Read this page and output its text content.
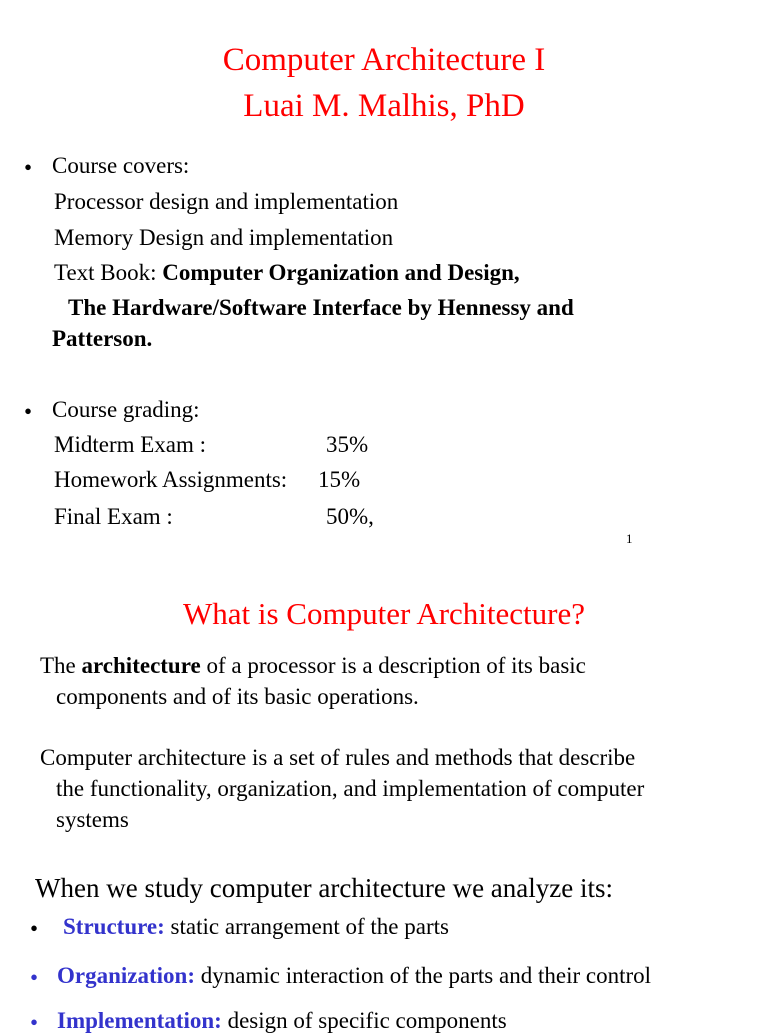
Computer Architecture I
Luai M. Malhis, PhD
• Course covers:
Processor design and implementation
Memory Design and implementation
Text Book: Computer Organization and Design,
The Hardware/Software Interface by Hennessy and
Patterson.
• Course grading:
Midterm Exam :	35%
Homework Assignments: 15%
Final Exam :	50%,
1
What is Computer Architecture?
The architecture of a processor is a description of its basic
components and of its basic operations.
Computer architecture is a set of rules and methods that describe
the functionality, organization, and implementation of computer
systems
When we study computer architecture we analyze its:
• Structure: static arrangement of the parts
• Organization: dynamic interaction of the parts and their control
• Implementation: design of specific components
